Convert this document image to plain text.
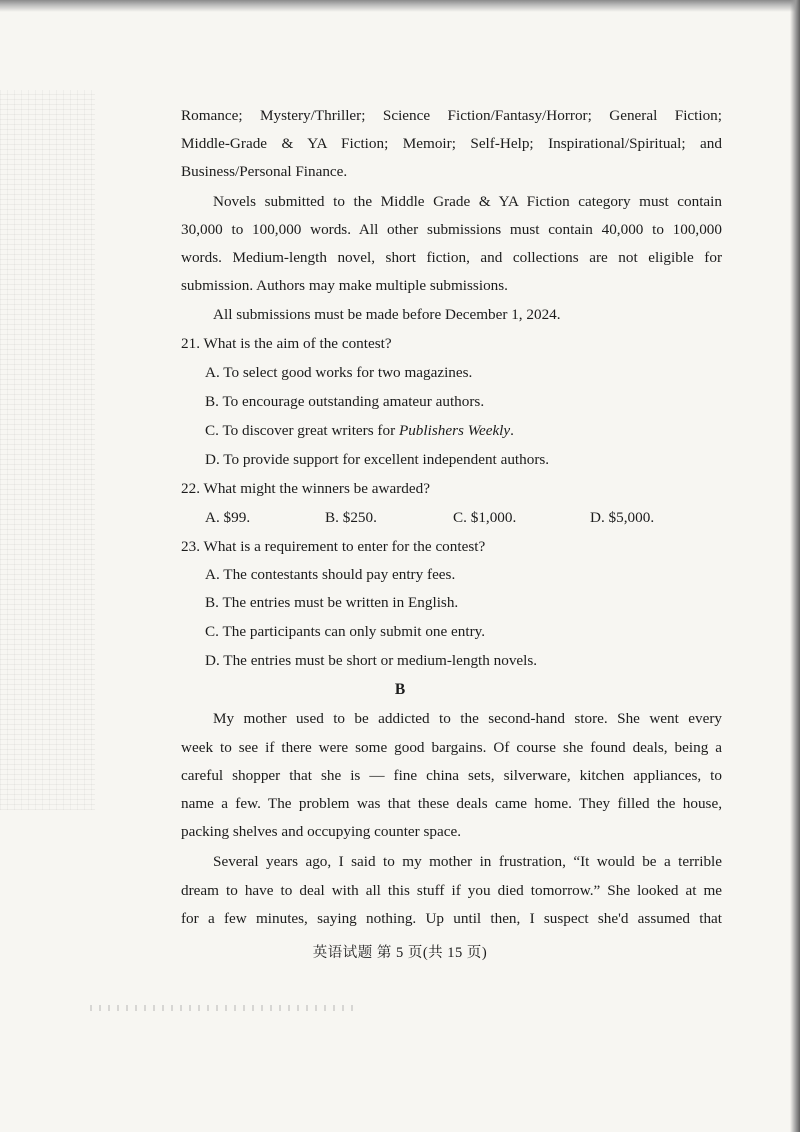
Romance; Mystery/Thriller; Science Fiction/Fantasy/Horror; General Fiction;
Middle-Grade & YA Fiction; Memoir; Self-Help; Inspirational/Spiritual; and
Business/Personal Finance.
Novels submitted to the Middle Grade & YA Fiction category must contain
30,000 to 100,000 words. All other submissions must contain 40,000 to 100,000
words. Medium-length novel, short fiction, and collections are not eligible for
submission. Authors may make multiple submissions.
All submissions must be made before December 1, 2024.
21. What is the aim of the contest?
A. To select good works for two magazines.
B. To encourage outstanding amateur authors.
C. To discover great writers for Publishers Weekly.
D. To provide support for excellent independent authors.
22. What might the winners be awarded?
A. $99.	B. $250.	C. $1,000.	D. $5,000.
23. What is a requirement to enter for the contest?
A. The contestants should pay entry fees.
B. The entries must be written in English.
C. The participants can only submit one entry.
D. The entries must be short or medium-length novels.
B
My mother used to be addicted to the second-hand store. She went every
week to see if there were some good bargains. Of course she found deals, being a
careful shopper that she is — fine china sets, silverware, kitchen appliances, to
name a few. The problem was that these deals came home. They filled the house,
packing shelves and occupying counter space.
Several years ago, I said to my mother in frustration, “It would be a terrible
dream to have to deal with all this stuff if you died tomorrow.” She looked at me
for a few minutes, saying nothing. Up until then, I suspect she'd assumed that
英语试题 第 5 页(共 15 页)
